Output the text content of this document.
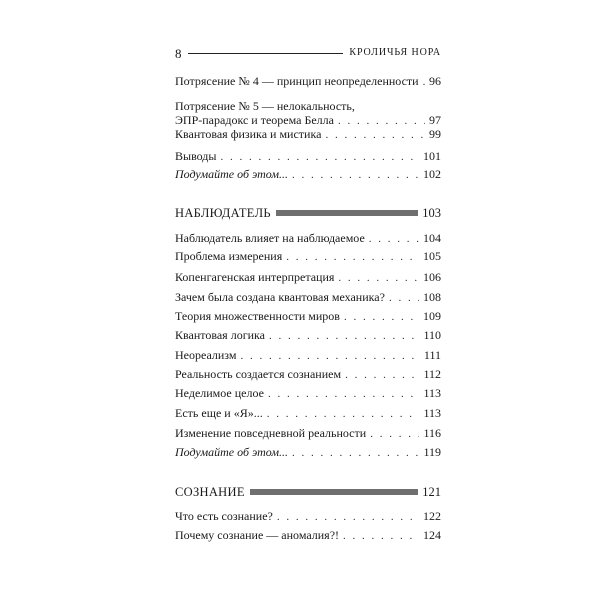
8	КРОЛИЧЬЯ НОРА
Потрясение № 4 — принцип неопределенности . . . 96
Потрясение № 5 — нелокальность,
ЭПР-парадокс и теорема Белла . . .	97
Квантовая физика и мистика . . .	99
Выводы . . .	101
Подумайте об этом... . . .	102
НАБЛЮДАТЕЛЬ	103
Наблюдатель влияет на наблюдаемое . . .	104
Проблема измерения . . .	105
Копенгагенская интерпретация . . .	106
Зачем была создана квантовая механика? . . .	108
Теория множественности миров . . .	109
Квантовая логика . . .	110
Неореализм . . .	111
Реальность создается сознанием . . .	112
Неделимое целое . . .	113
Есть еще и «Я»... . . .	113
Изменение повседневной реальности . . .	116
Подумайте об этом... . . .	119
СОЗНАНИЕ	121
Что есть сознание? . . .	122
Почему сознание — аномалия?! . . .	124
